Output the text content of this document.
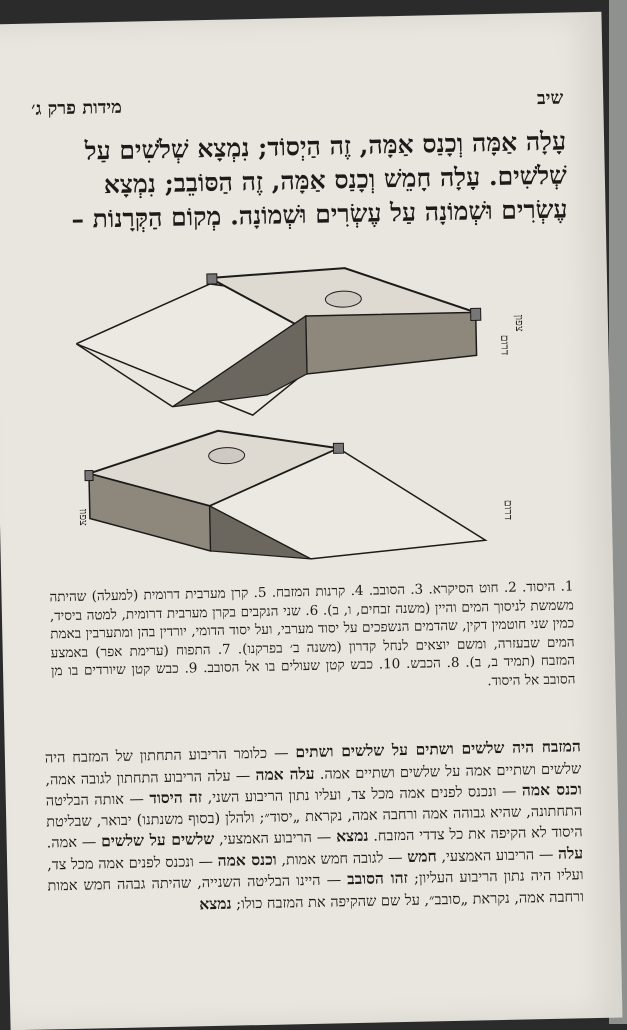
שיב
מידות פרק ג׳
עָלָה אַמָּה וְכָנַס אַמָּה, זֶה הַיְסוֹד; נִמְצָא שְׁלֹשִׁים עַל
שְׁלֹשִׁים. עָלָה חָמֵשׁ וְכָנַס אַמָּה, זֶה הַסּוֹבֵב; נִמְצָא
עֶשְׂרִים וּשְׁמוֹנָה עַל עֶשְׂרִים וּשְׁמוֹנָה. מְקוֹם הַקְּרָנוֹת –
דרום
צפון
צפון	דרום
1. היסוד. 2. חוט הסיקרא. 3. הסובב. 4. קרנות המזבח. 5. קרן מערבית דרומית (למעלה) שהיתה משמשת לניסוך המים והיין (משנה זבחים, ו, ב). 6. שני הנקבים בקרן מערבית דרומית, למטה ביסיד, כמין שני חוטמין דקין, שהדמים הנשפכים על יסוד מערבי, ועל יסוד הדומי, יורדין בהן ומתערבין באמת המים שבעזרה, ומשם יוצאים לנחל קדרון (משנה ב׳ בפרקנו). 7. התפוח (ערימת אפר) באמצע המזבח (תמיד ב, ב). 8. הכבש. 10. כבש קטן שעולים בו אל הסובב. 9. כבש קטן שיורדים בו מן הסובב אל היסוד.
המזבח היה שלשים ושתים על שלשים ושתים — כלומר הריבוע התחתון של המזבח היה שלשים ושתיים אמה על שלשים ושתיים אמה. עלה אמה — עלה הריבוע התחתון לגובה אמה, וכנס אמה — ונכנס לפנים אמה מכל צד, ועליו נתון הריבוע השני, זה היסוד — אותה הבליטה התחתונה, שהיא גבוהה אמה ורחבה אמה, נקראת „יסוד״; ולהלן (בסוף משנתנו) יבואר, שבליטת היסוד לא הקיפה את כל צדדי המזבח. נמצא — הריבוע האמצעי, שלשים על שלשים — אמה.	עלה — הריבוע האמצעי, חמש — לגובה חמש אמות, וכנס אמה — ונכנס לפנים אמה מכל צד, ועליו היה נתון הריבוע העליון; זהו הסובב — היינו הבליטה השנייה, שהיתה גבהה חמש אמות ורחבה אמה, נקראת „סובב״, על שם שהקיפה את המזבח כולו; נמצא
